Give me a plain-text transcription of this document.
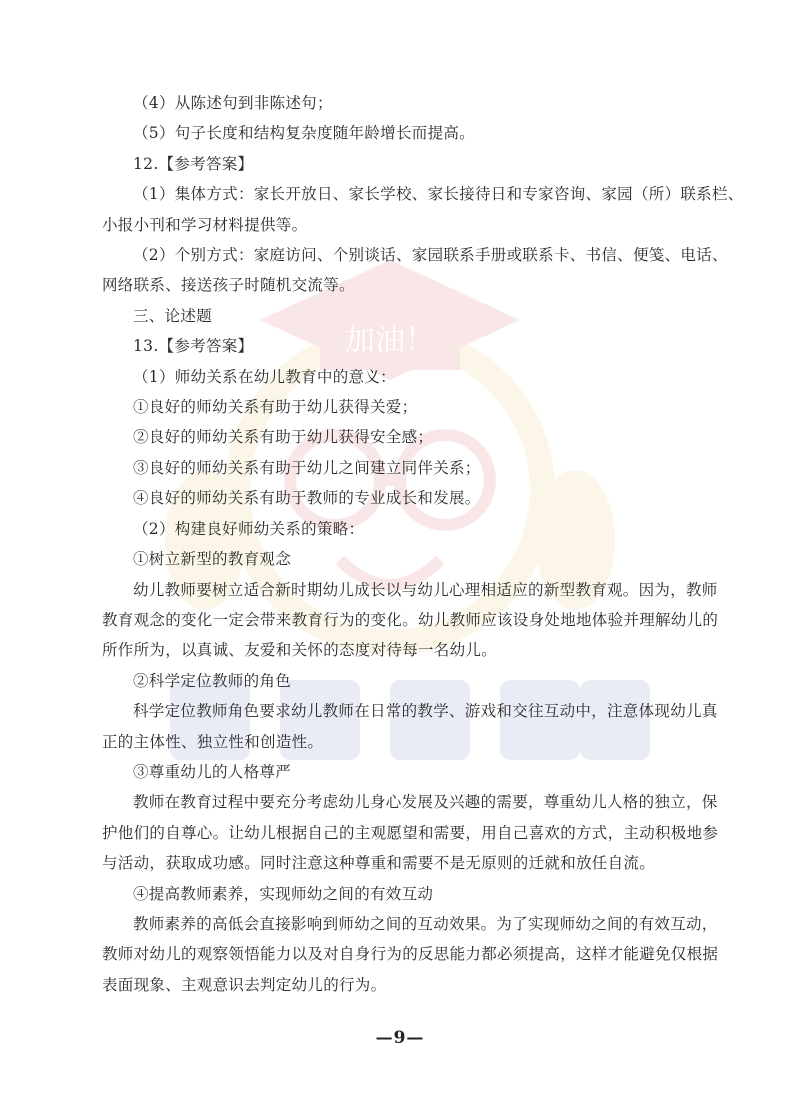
加油！

（4）从陈述句到非陈述句；

（5）句子长度和结构复杂度随年龄增长而提高。

12.【参考答案】

（1）集体方式：家长开放日、家长学校、家长接待日和专家咨询、家园（所）联系栏、

小报小刊和学习材料提供等。

（2）个别方式：家庭访问、个别谈话、家园联系手册或联系卡、书信、便笺、电话、

网络联系、接送孩子时随机交流等。

三、论述题

13.【参考答案】

（1）师幼关系在幼儿教育中的意义：

①良好的师幼关系有助于幼儿获得关爱；

②良好的师幼关系有助于幼儿获得安全感；

③良好的师幼关系有助于幼儿之间建立同伴关系；

④良好的师幼关系有助于教师的专业成长和发展。

（2）构建良好师幼关系的策略：

①树立新型的教育观念

幼儿教师要树立适合新时期幼儿成长以与幼儿心理相适应的新型教育观。因为，教师

教育观念的变化一定会带来教育行为的变化。幼儿教师应该设身处地地体验并理解幼儿的

所作所为，以真诚、友爱和关怀的态度对待每一名幼儿。

②科学定位教师的角色

科学定位教师角色要求幼儿教师在日常的教学、游戏和交往互动中，注意体现幼儿真

正的主体性、独立性和创造性。

③尊重幼儿的人格尊严

教师在教育过程中要充分考虑幼儿身心发展及兴趣的需要，尊重幼儿人格的独立，保

护他们的自尊心。让幼儿根据自己的主观愿望和需要，用自己喜欢的方式，主动积极地参

与活动，获取成功感。同时注意这种尊重和需要不是无原则的迁就和放任自流。

④提高教师素养，实现师幼之间的有效互动

教师素养的高低会直接影响到师幼之间的互动效果。为了实现师幼之间的有效互动，

教师对幼儿的观察领悟能力以及对自身行为的反思能力都必须提高，这样才能避免仅根据

表面现象、主观意识去判定幼儿的行为。

—9—
